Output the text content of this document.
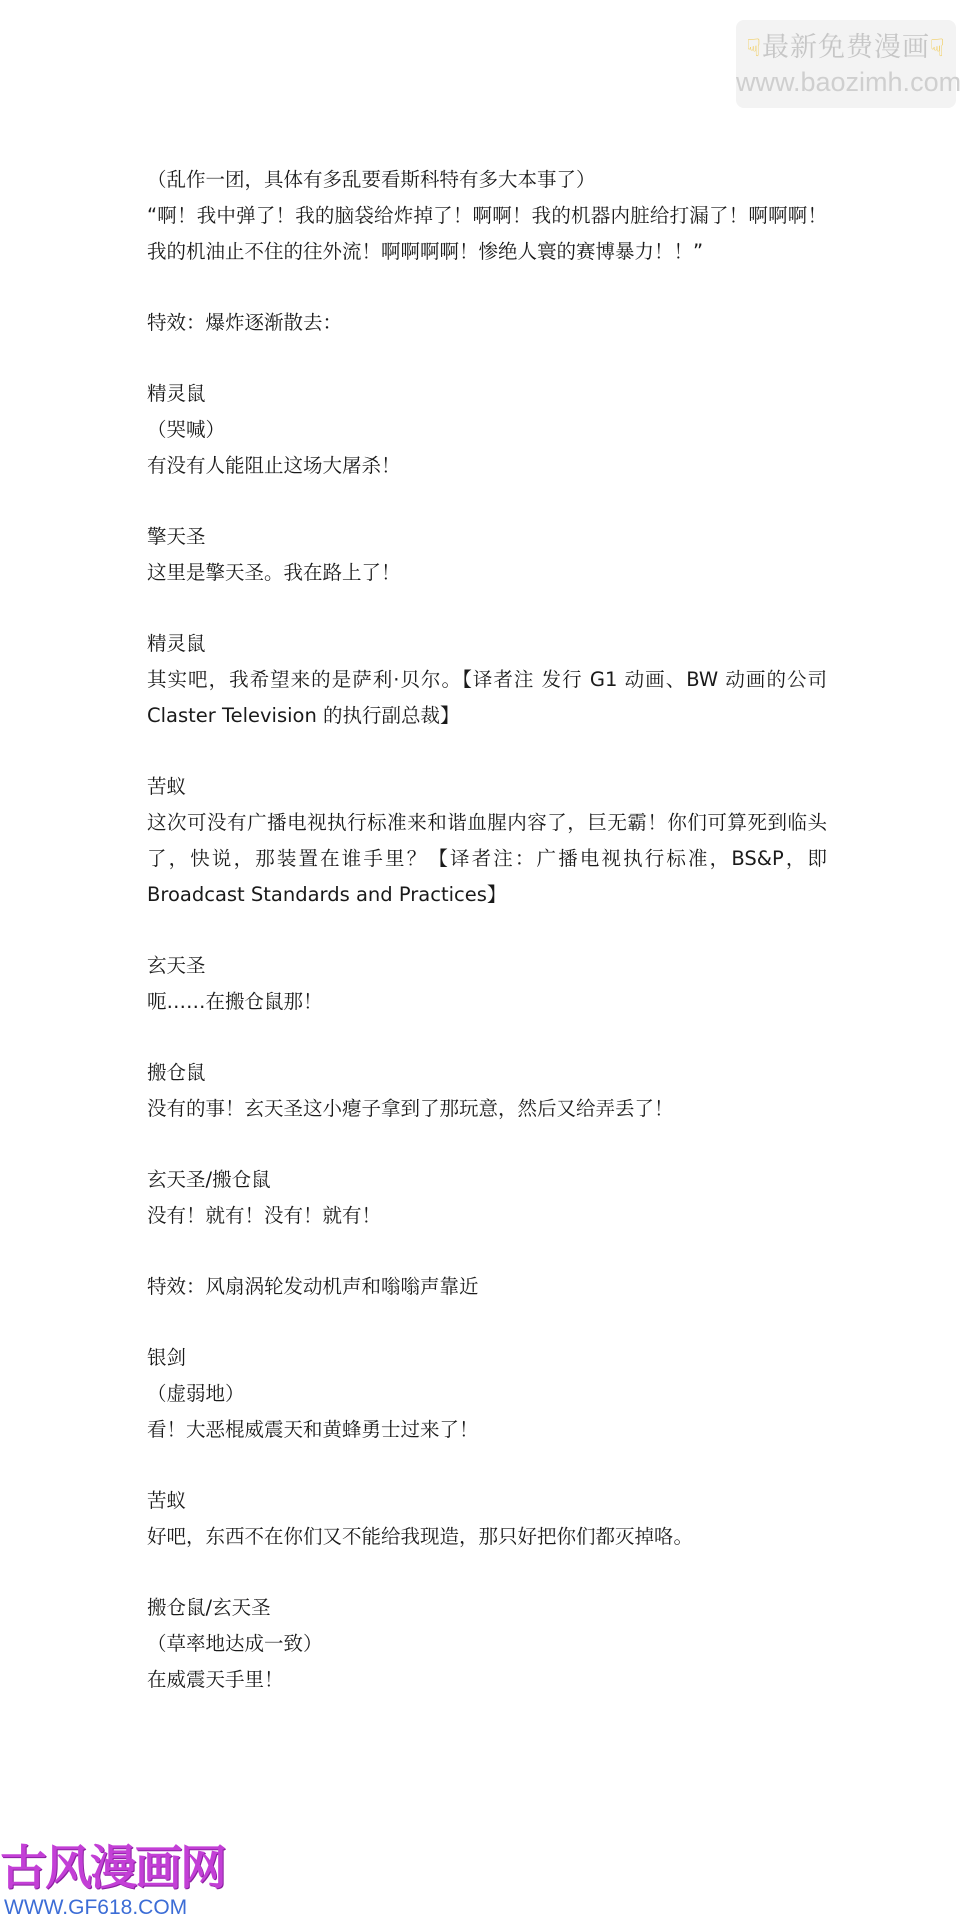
☟最新免费漫画☟
www.baozimh.com
（乱作一团，具体有多乱要看斯科特有多大本事了）
“啊！我中弹了！我的脑袋给炸掉了！啊啊！我的机器内脏给打漏了！啊啊啊！我的机油止不住的往外流！啊啊啊啊！惨绝人寰的赛博暴力！！”
特效：爆炸逐渐散去：
精灵鼠
（哭喊）
有没有人能阻止这场大屠杀！
擎天圣
这里是擎天圣。我在路上了！
精灵鼠
其实吧，我希望来的是萨利·贝尔。【译者注 发行 G1 动画、BW 动画的公司 Claster Television 的执行副总裁】
苦蚁
这次可没有广播电视执行标准来和谐血腥内容了，巨无霸！你们可算死到临头了，快说，那装置在谁手里？【译者注：广播电视执行标准，BS&P，即 Broadcast Standards and Practices】
玄天圣
呃……在搬仓鼠那！
搬仓鼠
没有的事！玄天圣这小瘪子拿到了那玩意，然后又给弄丢了！
玄天圣/搬仓鼠
没有！就有！没有！就有！
特效：风扇涡轮发动机声和嗡嗡声靠近
银剑
（虚弱地）
看！大恶棍威震天和黄蜂勇士过来了！
苦蚁
好吧，东西不在你们又不能给我现造，那只好把你们都灭掉咯。
搬仓鼠/玄天圣
（草率地达成一致）
在威震天手里！
古风漫画网
WWW.GF618.COM
